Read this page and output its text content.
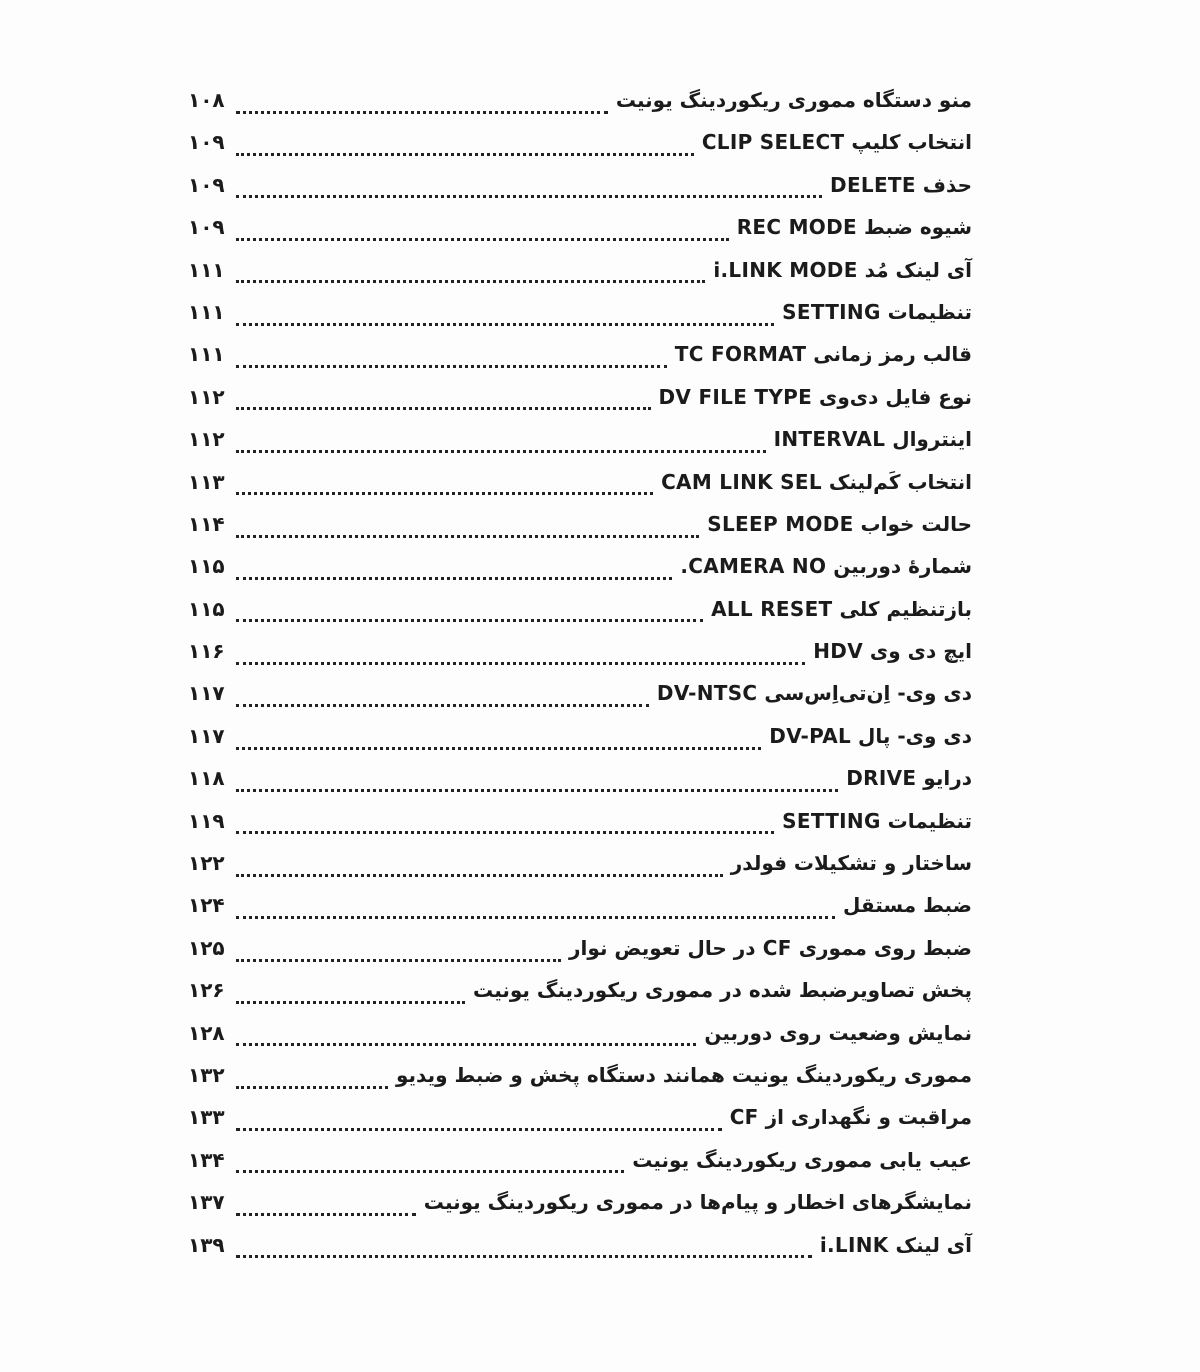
منو دستگاه مموری ریکوردینگ یونیت
۱۰۸
انتخاب کلیپ CLIP SELECT
۱۰۹
حذف DELETE
۱۰۹
شیوه ضبط REC MODE
۱۰۹
آی لینک مُد i.LINK MODE
۱۱۱
تنظیمات SETTING
۱۱۱
قالب رمز زمانی TC FORMAT
۱۱۱
نوع فایل دی‌وی DV FILE TYPE
۱۱۲
اینتروال INTERVAL
۱۱۲
انتخاب کَم‌لینک CAM LINK SEL
۱۱۳
حالت خواب SLEEP MODE
۱۱۴
شمارهٔ دوربین CAMERA NO.
۱۱۵
بازتنظیم کلی ALL RESET
۱۱۵
ایچ دی وی HDV
۱۱۶
دی وی- اِن‌تی‌اِس‌سی DV-NTSC
۱۱۷
دی وی- پال DV-PAL
۱۱۷
درایو DRIVE
۱۱۸
تنظیمات SETTING
۱۱۹
ساختار و تشکیلات فولدر
۱۲۲
ضبط مستقل
۱۲۴
ضبط روی مموری CF در حال تعویض نوار
۱۲۵
پخش تصاویرضبط شده در مموری ریکوردینگ یونیت
۱۲۶
نمایش وضعیت روی دوربین
۱۲۸
مموری ریکوردینگ یونیت همانند دستگاه پخش و ضبط ویدیو
۱۳۲
مراقبت و نگهداری از CF
۱۳۳
عیب یابی مموری ریکوردینگ یونیت
۱۳۴
نمایشگرهای اخطار و پیام‌ها در مموری ریکوردینگ یونیت
۱۳۷
آی لینک i.LINK
۱۳۹
